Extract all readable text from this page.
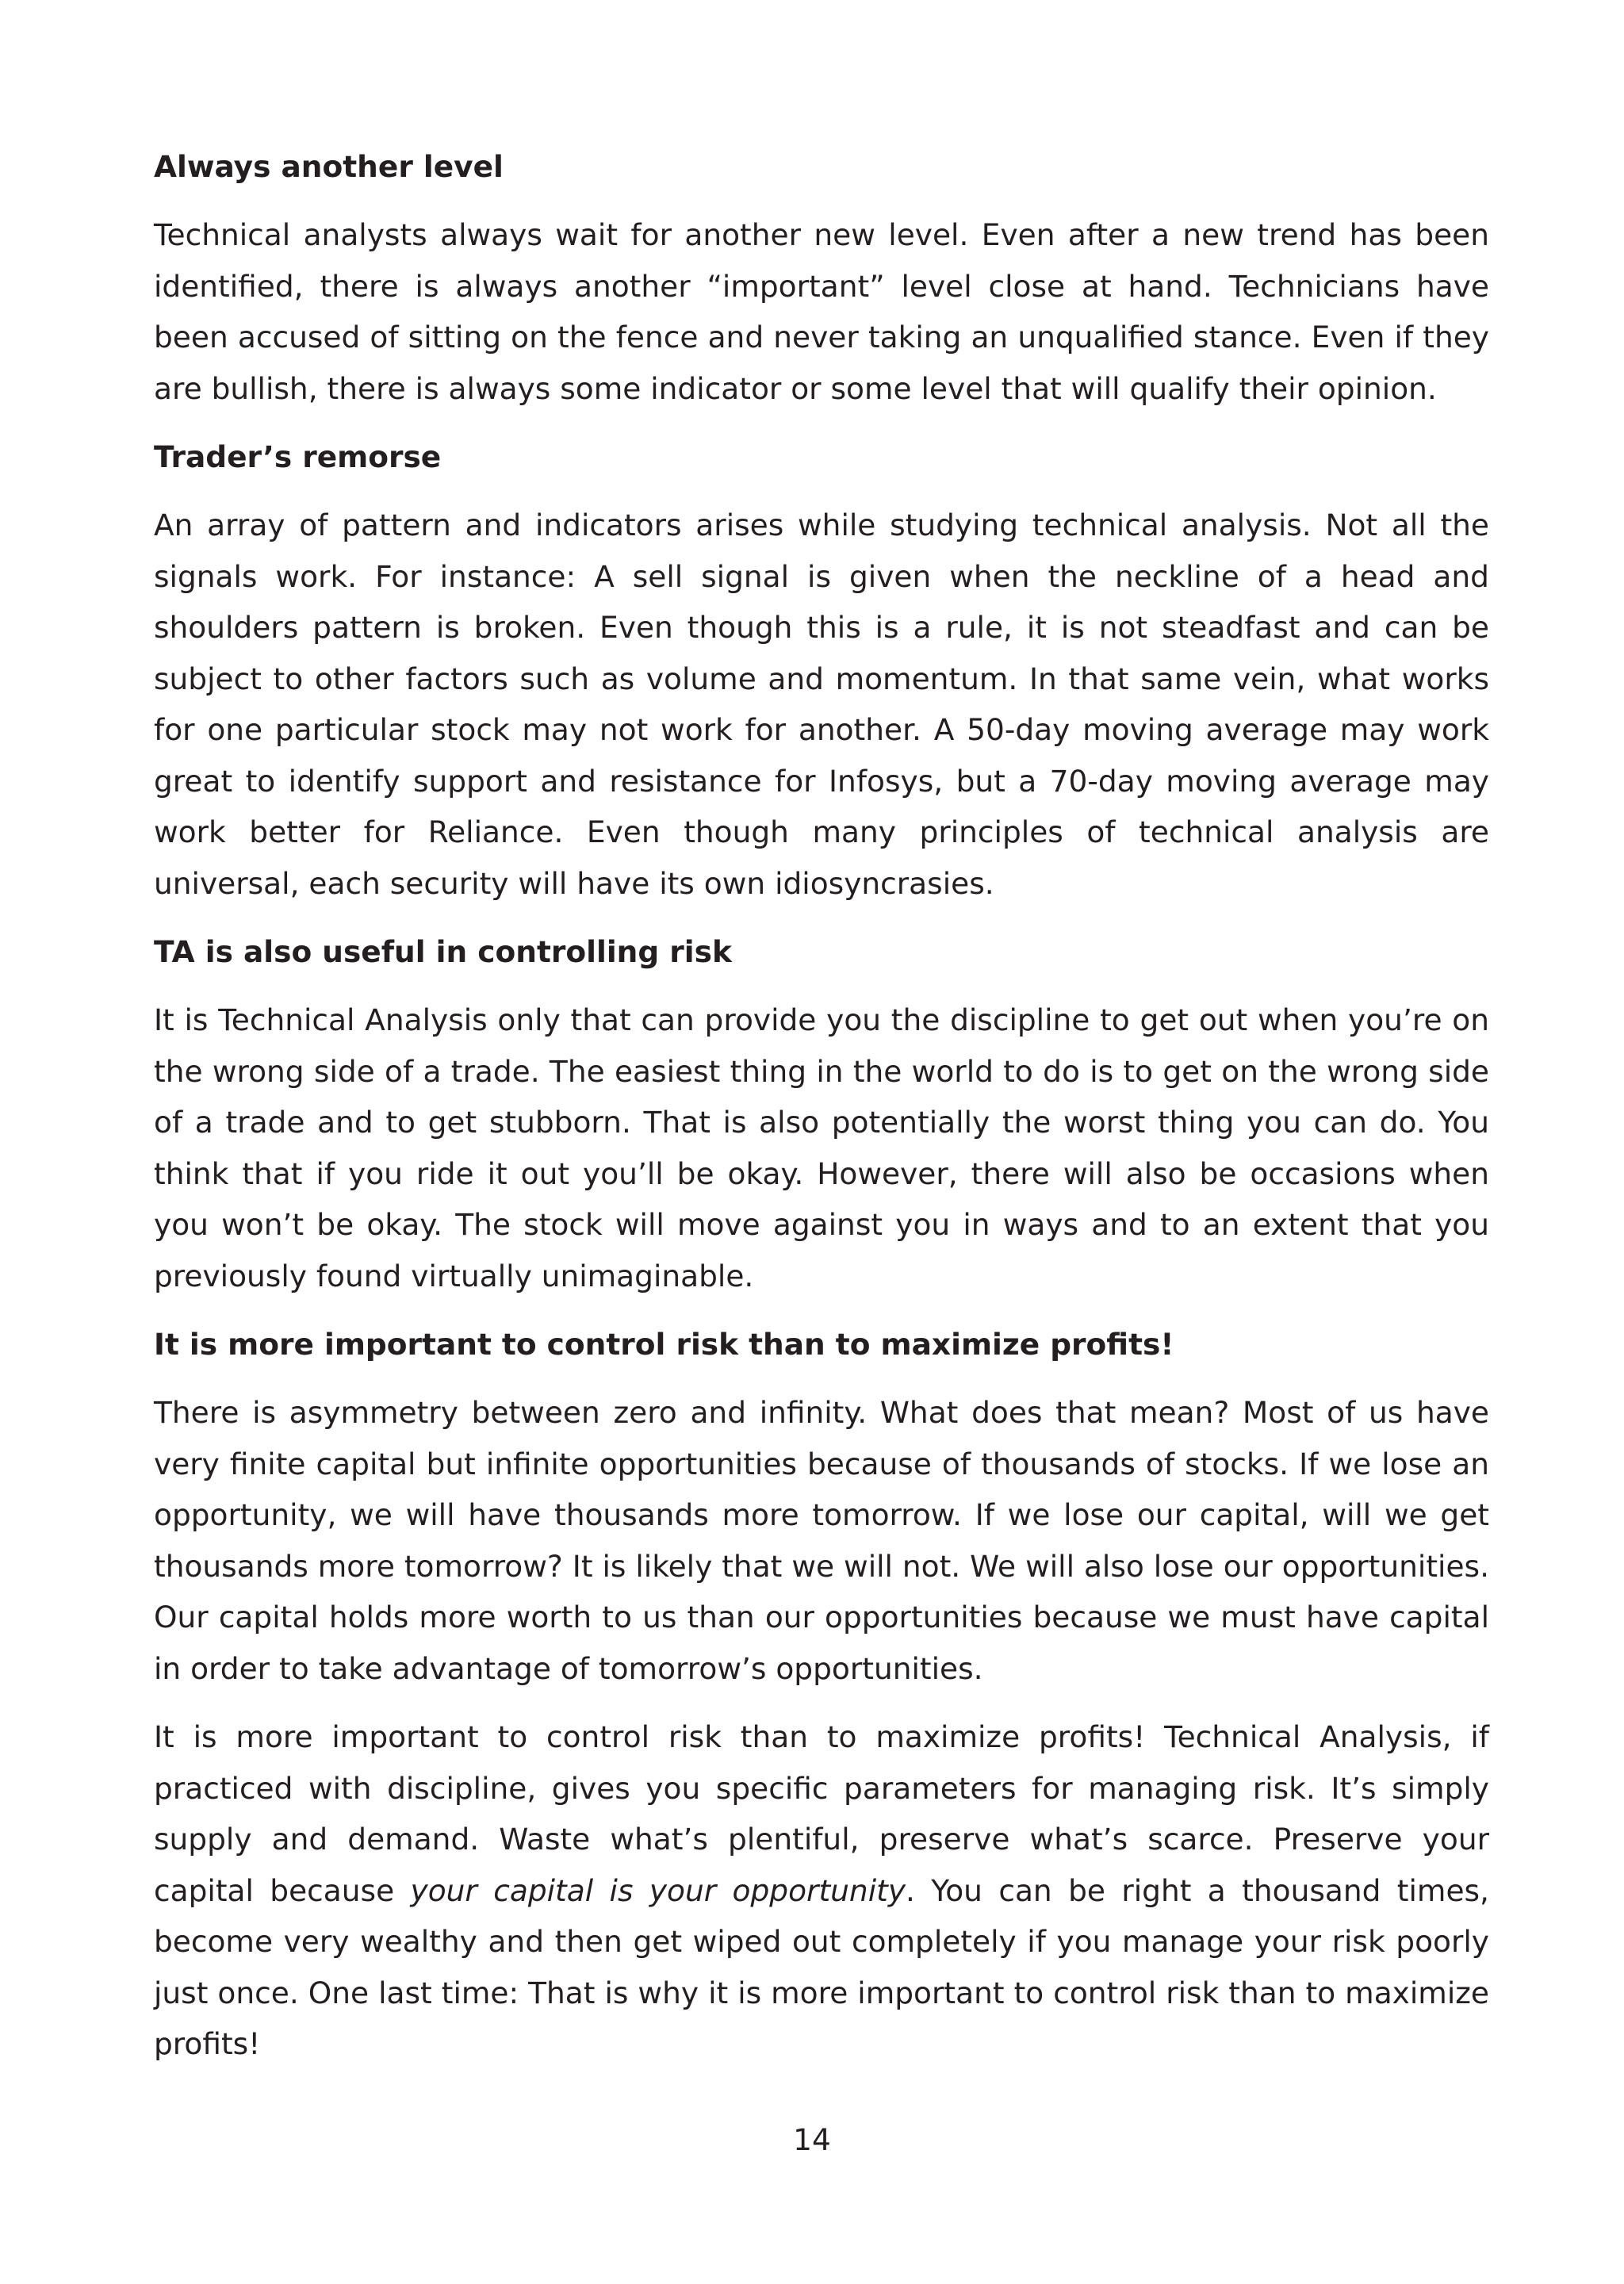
Always another level

Technical analysts always wait for another new level. Even after a new trend has been identified, there is always another “important” level close at hand. Technicians have been accused of sitting on the fence and never taking an unqualified stance. Even if they are bullish, there is always some indicator or some level that will qualify their opinion.

Trader’s remorse

An array of pattern and indicators arises while studying technical analysis. Not all the signals work. For instance: A sell signal is given when the neckline of a head and shoulders pattern is broken. Even though this is a rule, it is not steadfast and can be subject to other factors such as volume and momentum. In that same vein, what works for one particular stock may not work for another. A 50-day moving average may work great to identify support and resistance for Infosys, but a 70-day moving average may work better for Reliance. Even though many principles of technical analysis are universal, each security will have its own idiosyncrasies.

TA is also useful in controlling risk

It is Technical Analysis only that can provide you the discipline to get out when you’re on the wrong side of a trade. The easiest thing in the world to do is to get on the wrong side of a trade and to get stubborn. That is also potentially the worst thing you can do. You think that if you ride it out you’ll be okay. However, there will also be occasions when you won’t be okay. The stock will move against you in ways and to an extent that you previously found virtually unimaginable.

It is more important to control risk than to maximize profits!

There is asymmetry between zero and infinity. What does that mean? Most of us have very finite capital but infinite opportunities because of thousands of stocks. If we lose an opportunity, we will have thousands more tomorrow. If we lose our capital, will we get thousands more tomorrow? It is likely that we will not. We will also lose our opportunities. Our capital holds more worth to us than our opportunities because we must have capital in order to take advantage of tomorrow’s opportunities.

It is more important to control risk than to maximize profits! Technical Analysis, if practiced with discipline, gives you specific parameters for managing risk. It’s simply supply and demand. Waste what’s plentiful, preserve what’s scarce. Preserve your capital because your capital is your opportunity. You can be right a thousand times, become very wealthy and then get wiped out completely if you manage your risk poorly just once. One last time: That is why it is more important to control risk than to maximize profits!

14
